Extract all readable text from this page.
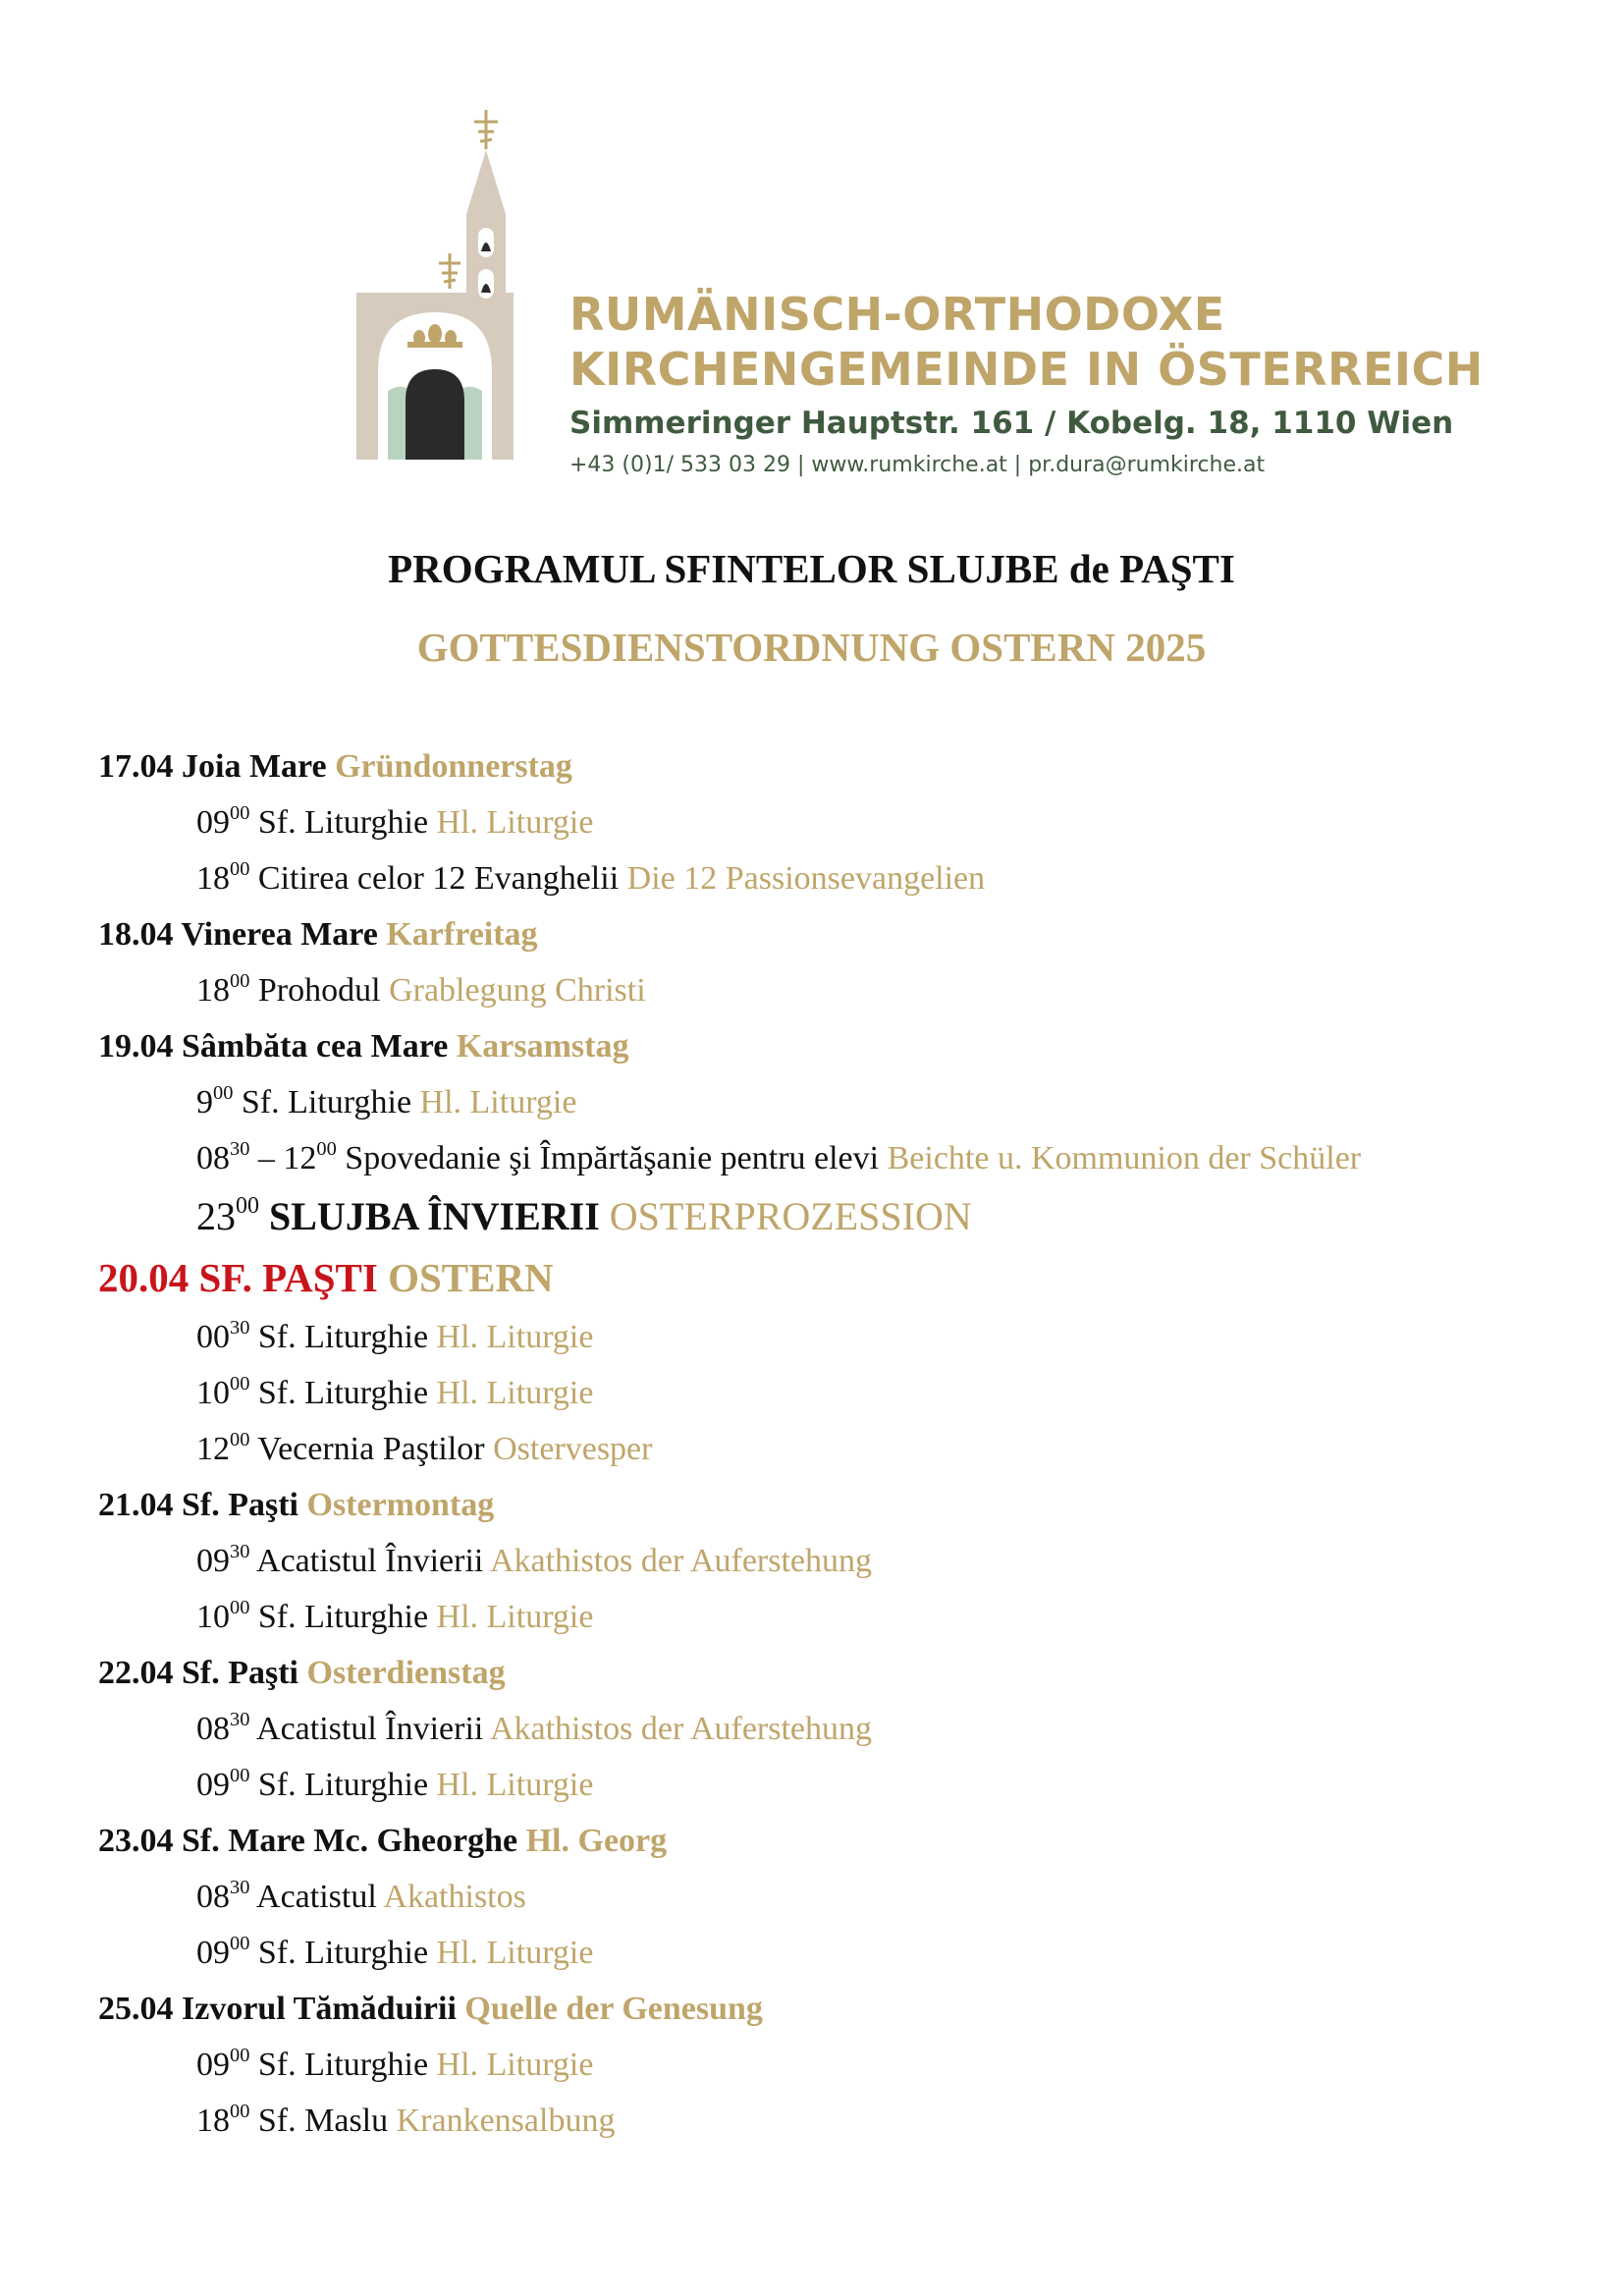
RUMÄNISCH-ORTHODOXE
KIRCHENGEMEINDE IN ÖSTERREICH
Simmeringer Hauptstr. 161 / Kobelg. 18, 1110 Wien
+43 (0)1/ 533 03 29 | www.rumkirche.at | pr.dura@rumkirche.at
PROGRAMUL SFINTELOR SLUJBE de PAŞTI
GOTTESDIENSTORDNUNG OSTERN 2025
17.04 Joia Mare Gründonnerstag
$09^{00}$ Sf. Liturghie Hl. Liturgie
$18^{00}$ Citirea celor 12 Evanghelii Die 12 Passionsevangelien
18.04 Vinerea Mare Karfreitag
$18^{00}$ Prohodul Grablegung Christi
19.04 Sâmbăta cea Mare Karsamstag
$9^{00}$ Sf. Liturghie Hl. Liturgie
$08^{30} - 12^{00}$ Spovedanie şi Împărtăşanie pentru elevi Beichte u. Kommunion der Schüler
$23^{00}$ SLUJBA ÎNVIERII OSTERPROZESSION
20.04 SF. PAŞTI OSTERN
$00^{30}$ Sf. Liturghie Hl. Liturgie
$10^{00}$ Sf. Liturghie Hl. Liturgie
$12^{00}$ Vecernia Paştilor Ostervesper
21.04 Sf. Paşti Ostermontag
$09^{30}$ Acatistul Învierii Akathistos der Auferstehung
$10^{00}$ Sf. Liturghie Hl. Liturgie
22.04 Sf. Paşti Osterdienstag
$08^{30}$ Acatistul Învierii Akathistos der Auferstehung
$09^{00}$ Sf. Liturghie Hl. Liturgie
23.04 Sf. Mare Mc. Gheorghe Hl. Georg
$08^{30}$ Acatistul Akathistos
$09^{00}$ Sf. Liturghie Hl. Liturgie
25.04 Izvorul Tămăduirii Quelle der Genesung
$09^{00}$ Sf. Liturghie Hl. Liturgie
$18^{00}$ Sf. Maslu Krankensalbung
